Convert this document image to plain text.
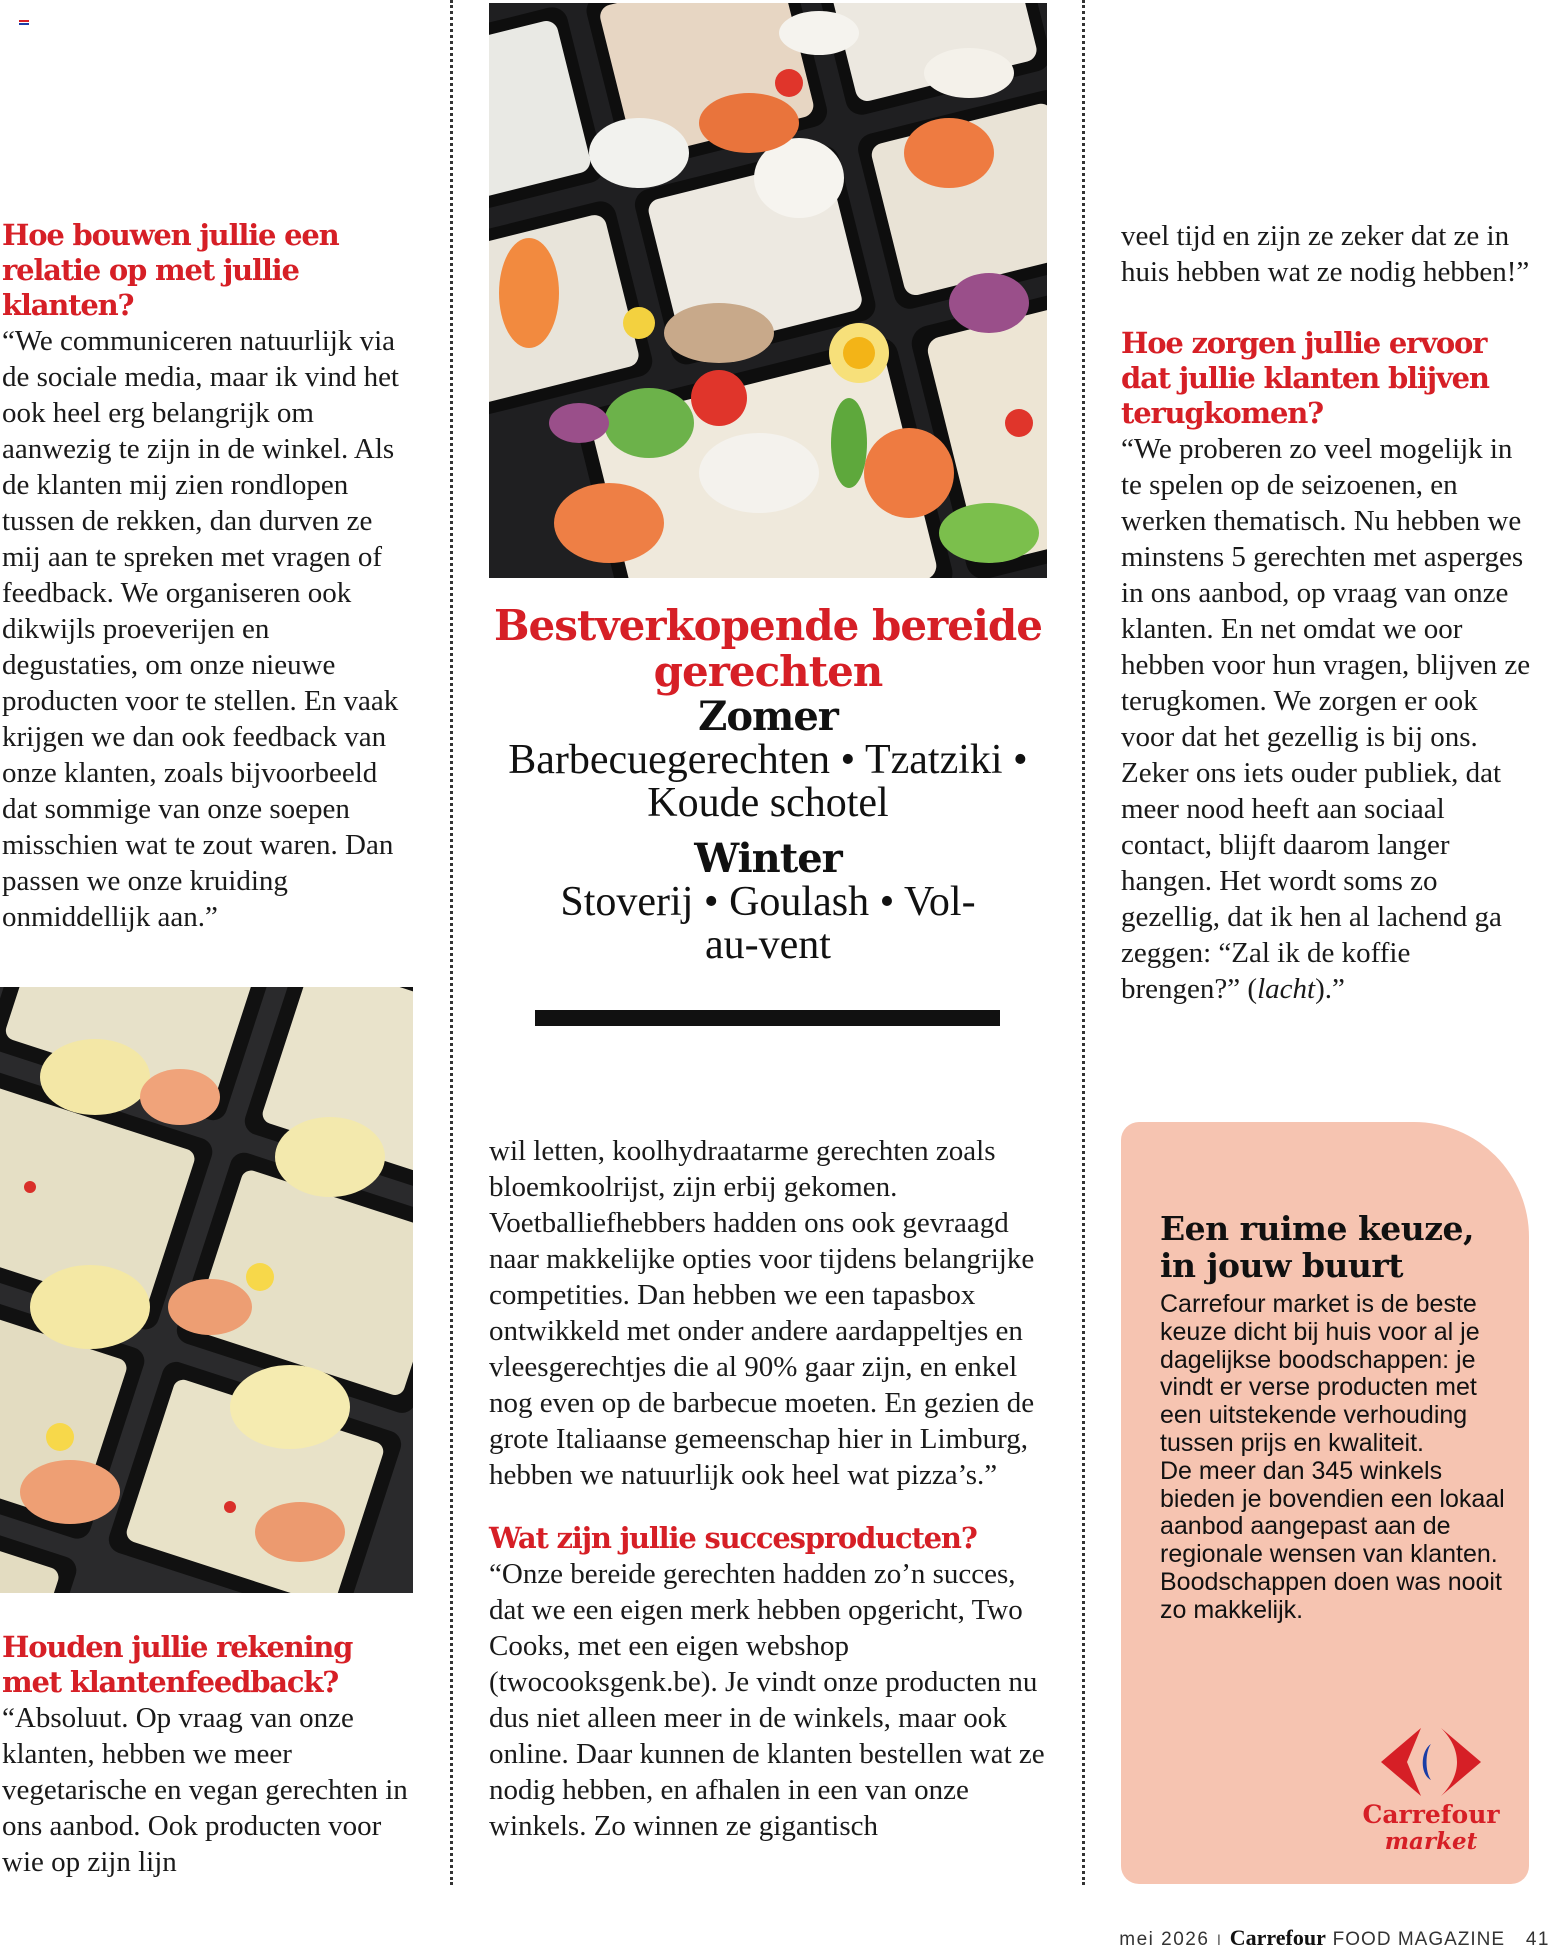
Hoe bouwen jullie een relatie op met jullie klanten?

“We communiceren natuurlijk via de sociale media, maar ik vind het ook heel erg belangrijk om aanwezig te zijn in de winkel. Als de klanten mij zien rondlopen tussen de rekken, dan durven ze mij aan te spreken met vragen of feedback. We organiseren ook dikwijls proeverijen en degustaties, om onze nieuwe producten voor te stellen. En vaak krijgen we dan ook feedback van onze klanten, zoals bijvoorbeeld dat sommige van onze soepen misschien wat te zout waren. Dan passen we onze kruiding onmiddellijk aan.”

Houden jullie rekening met klantenfeedback?

“Absoluut. Op vraag van onze klanten, hebben we meer vegetarische en vegan gerechten in ons aanbod. Ook producten voor wie op zijn lijn

Bestverkopende bereide gerechten
Zomer

Barbecuegerechten • Tzatziki • Koude schotel

Winter

Stoverij • Goulash • Vol-au-vent

wil letten, koolhydraatarme gerechten zoals bloemkoolrijst, zijn erbij gekomen. Voetballiefhebbers hadden ons ook gevraagd naar makkelijke opties voor tijdens belangrijke competities. Dan hebben we een tapasbox ontwikkeld met onder andere aardappeltjes en vleesgerechtjes die al 90% gaar zijn, en enkel nog even op de barbecue moeten. En gezien de grote Italiaanse gemeenschap hier in Limburg, hebben we natuurlijk ook heel wat pizza’s.”

Wat zijn jullie succesproducten?

“Onze bereide gerechten hadden zo’n succes, dat we een eigen merk hebben opgericht, Two Cooks, met een eigen webshop (twocooksgenk.be). Je vindt onze producten nu dus niet alleen meer in de winkels, maar ook online. Daar kunnen de klanten bestellen wat ze nodig hebben, en afhalen in een van onze winkels. Zo winnen ze gigantisch

veel tijd en zijn ze zeker dat ze in huis hebben wat ze nodig hebben!”

Hoe zorgen jullie ervoor dat jullie klanten blijven terugkomen?

“We proberen zo veel mogelijk in te spelen op de seizoenen, en werken thematisch. Nu hebben we minstens 5 gerechten met asperges in ons aanbod, op vraag van onze klanten. En net omdat we oor hebben voor hun vragen, blijven ze terugkomen. We zorgen er ook voor dat het gezellig is bij ons. Zeker ons iets ouder publiek, dat meer nood heeft aan sociaal contact, blijft daarom langer hangen. Het wordt soms zo gezellig, dat ik hen al lachend ga zeggen: “Zal ik de koffie brengen?” (lacht).”

Een ruime keuze, in jouw buurt
Carrefour market is de beste keuze dicht bij huis voor al je dagelijkse boodschappen: je vindt er verse producten met een uitstekende verhouding tussen prijs en kwaliteit.
De meer dan 345 winkels bieden je bovendien een lokaal aanbod aangepast aan de regionale wensen van klanten.
Boodschappen doen was nooit zo makkelijk.
Carrefour
market
mei 2026 ı Carrefour FOOD MAGAZINE 41
